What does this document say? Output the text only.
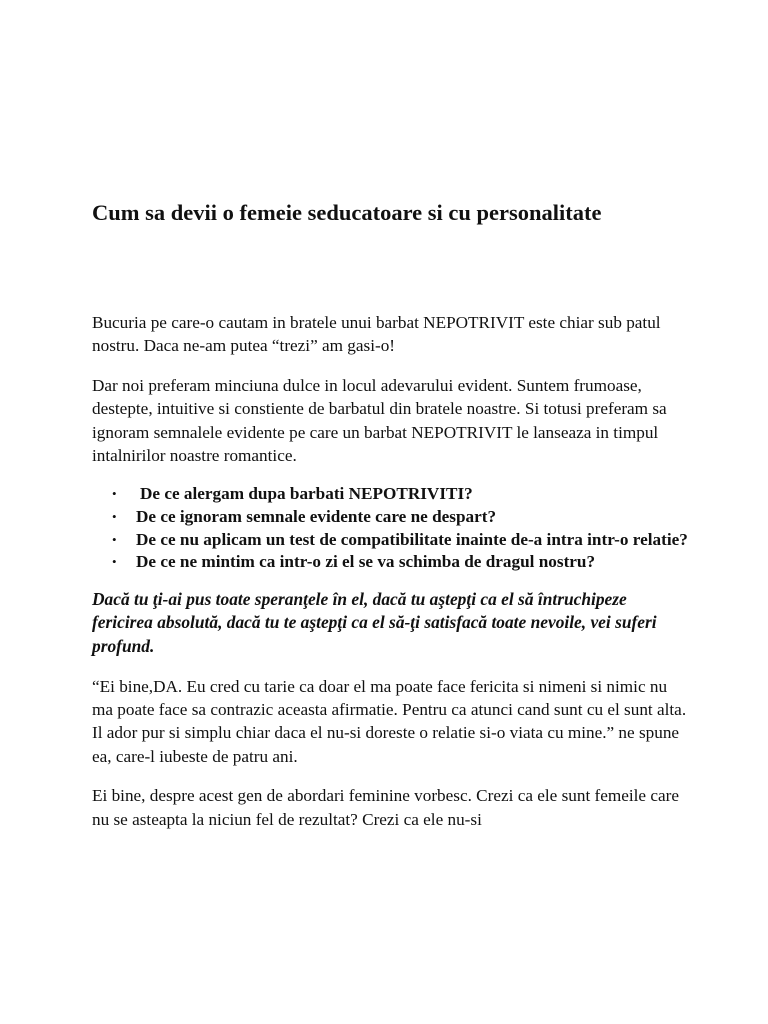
Cum sa devii o femeie seducatoare si cu personalitate

Bucuria pe care-o cautam in bratele unui barbat NEPOTRIVIT este chiar sub patul nostru. Daca ne-am putea “trezi” am gasi-o!

Dar noi preferam minciuna dulce in locul adevarului evident. Suntem frumoase, destepte, intuitive si constiente de barbatul din bratele noastre. Si totusi preferam sa ignoram semnalele evidente pe care un barbat NEPOTRIVIT le lanseaza in timpul intalnirilor noastre romantice.

• De ce alergam dupa barbati NEPOTRIVITI?
• De ce ignoram semnale evidente care ne despart?
• De ce nu aplicam un test de compatibilitate inainte de-a intra intr-o relatie?
• De ce ne mintim ca intr-o zi el se va schimba de dragul nostru?

Dacă tu ţi-ai pus toate speranţele în el, dacă tu aştepţi ca el să întruchipeze fericirea absolută, dacă tu te aştepţi ca el să-ţi satisfacă toate nevoile, vei suferi profund.

“Ei bine,DA. Eu cred cu tarie ca doar el ma poate face fericita si nimeni si nimic nu ma poate face sa contrazic aceasta afirmatie. Pentru ca atunci cand sunt cu el sunt alta. Il ador pur si simplu chiar daca el nu-si doreste o relatie si-o viata cu mine.” ne spune ea, care-l iubeste de patru ani.

Ei bine, despre acest gen de abordari feminine vorbesc. Crezi ca ele sunt femeile care nu se asteapta la niciun fel de rezultat? Crezi ca ele nu-si
